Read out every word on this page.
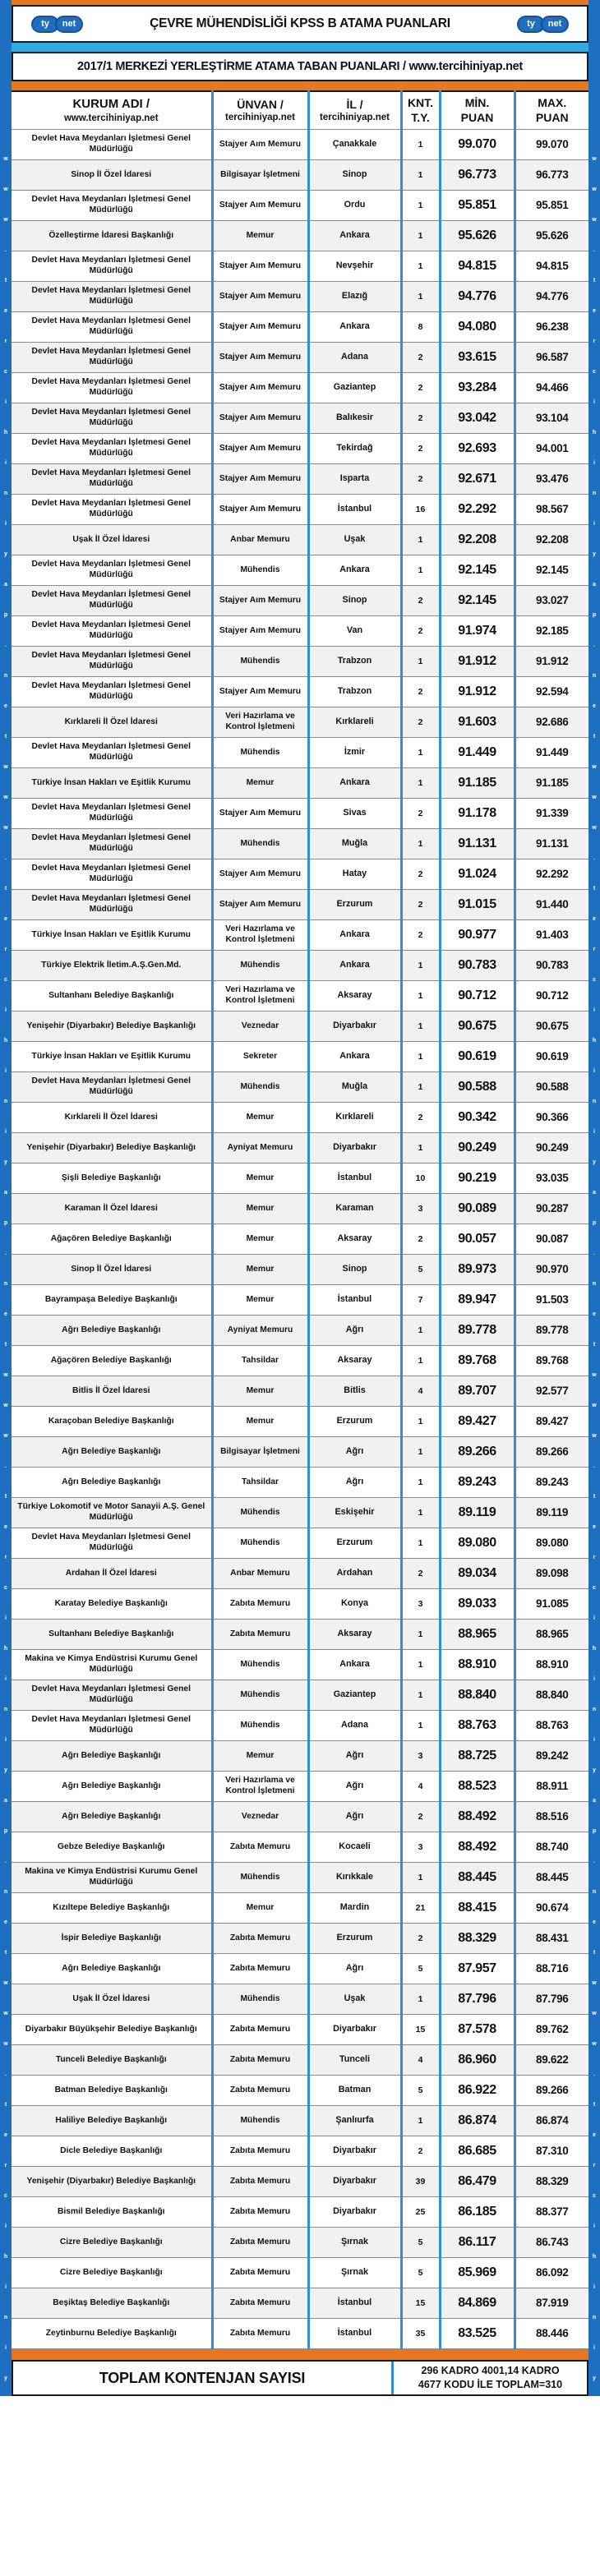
w
w
w
.
t
e
r
c
i
h
i
n
i
y
a
p
.
n
e
t
w
w
w
.
t
e
r
c
i
h
i
n
i
y
a
p
.
n
e
t
w
w
w
.
t
e
r
c
i
h
i
n
i
y
a
p
.
n
e
t
w
w
w
.
t
e
r
c
i
h
i
n
i
y
a
p
.
n
e
t
w
w
w
.
t
e
r
c
i
h
i
n
i
y
a
p
.
n
e
t
w
w
w
.
t
e
r
c
i
h
i
n
i
y
a
p
.
n
e
t
w
w
w
.
t
e
r
c
i
h
i
n
i
y
a
p
.
n
e
t
w
w
w
.
t
e
r
c
i
h
i
n
i
y
a
p
.
n
e
t
ty	net	ÇEVRE MÜHENDİSLİĞİ KPSS B ATAMA PUANLARI	ty	net
2017/1 MERKEZİ YERLEŞTİRME ATAMA TABAN PUANLARI / www.tercihiniyap.net
KURUM ADI /
www.tercihiniyap.net	ÜNVAN /
tercihiniyap.net	İL /
tercihiniyap.net	KNT.
T.Y.	MİN.
PUAN	MAX.
PUAN

Devlet Hava Meydanları İşletmesi Genel Müdürlüğü	Stajyer Aım Memuru	Çanakkale	1	99.070	99.070
Sinop İl Özel İdaresi	Bilgisayar İşletmeni	Sinop	1	96.773	96.773
Devlet Hava Meydanları İşletmesi Genel Müdürlüğü	Stajyer Aım Memuru	Ordu	1	95.851	95.851
Özelleştirme İdaresi Başkanlığı	Memur	Ankara	1	95.626	95.626
Devlet Hava Meydanları İşletmesi Genel Müdürlüğü	Stajyer Aım Memuru	Nevşehir	1	94.815	94.815
Devlet Hava Meydanları İşletmesi Genel Müdürlüğü	Stajyer Aım Memuru	Elazığ	1	94.776	94.776
Devlet Hava Meydanları İşletmesi Genel Müdürlüğü	Stajyer Aım Memuru	Ankara	8	94.080	96.238
Devlet Hava Meydanları İşletmesi Genel Müdürlüğü	Stajyer Aım Memuru	Adana	2	93.615	96.587
Devlet Hava Meydanları İşletmesi Genel Müdürlüğü	Stajyer Aım Memuru	Gaziantep	2	93.284	94.466
Devlet Hava Meydanları İşletmesi Genel Müdürlüğü	Stajyer Aım Memuru	Balıkesir	2	93.042	93.104
Devlet Hava Meydanları İşletmesi Genel Müdürlüğü	Stajyer Aım Memuru	Tekirdağ	2	92.693	94.001
Devlet Hava Meydanları İşletmesi Genel Müdürlüğü	Stajyer Aım Memuru	Isparta	2	92.671	93.476
Devlet Hava Meydanları İşletmesi Genel Müdürlüğü	Stajyer Aım Memuru	İstanbul	16	92.292	98.567
Uşak İl Özel İdaresi	Anbar Memuru	Uşak	1	92.208	92.208
Devlet Hava Meydanları İşletmesi Genel Müdürlüğü	Mühendis	Ankara	1	92.145	92.145
Devlet Hava Meydanları İşletmesi Genel Müdürlüğü	Stajyer Aım Memuru	Sinop	2	92.145	93.027
Devlet Hava Meydanları İşletmesi Genel Müdürlüğü	Stajyer Aım Memuru	Van	2	91.974	92.185
Devlet Hava Meydanları İşletmesi Genel Müdürlüğü	Mühendis	Trabzon	1	91.912	91.912
Devlet Hava Meydanları İşletmesi Genel Müdürlüğü	Stajyer Aım Memuru	Trabzon	2	91.912	92.594
Kırklareli İl Özel İdaresi	Veri Hazırlama ve Kontrol İşletmeni	Kırklareli	2	91.603	92.686
Devlet Hava Meydanları İşletmesi Genel Müdürlüğü	Mühendis	İzmir	1	91.449	91.449
Türkiye İnsan Hakları ve Eşitlik Kurumu	Memur	Ankara	1	91.185	91.185
Devlet Hava Meydanları İşletmesi Genel Müdürlüğü	Stajyer Aım Memuru	Sivas	2	91.178	91.339
Devlet Hava Meydanları İşletmesi Genel Müdürlüğü	Mühendis	Muğla	1	91.131	91.131
Devlet Hava Meydanları İşletmesi Genel Müdürlüğü	Stajyer Aım Memuru	Hatay	2	91.024	92.292
Devlet Hava Meydanları İşletmesi Genel Müdürlüğü	Stajyer Aım Memuru	Erzurum	2	91.015	91.440
Türkiye İnsan Hakları ve Eşitlik Kurumu	Veri Hazırlama ve Kontrol İşletmeni	Ankara	2	90.977	91.403
Türkiye Elektrik İletim.A.Ş.Gen.Md.	Mühendis	Ankara	1	90.783	90.783
Sultanhanı Belediye Başkanlığı	Veri Hazırlama ve Kontrol İşletmeni	Aksaray	1	90.712	90.712
Yenişehir (Diyarbakır) Belediye Başkanlığı	Veznedar	Diyarbakır	1	90.675	90.675
Türkiye İnsan Hakları ve Eşitlik Kurumu	Sekreter	Ankara	1	90.619	90.619
Devlet Hava Meydanları İşletmesi Genel Müdürlüğü	Mühendis	Muğla	1	90.588	90.588
Kırklareli İl Özel İdaresi	Memur	Kırklareli	2	90.342	90.366
Yenişehir (Diyarbakır) Belediye Başkanlığı	Ayniyat Memuru	Diyarbakır	1	90.249	90.249
Şişli Belediye Başkanlığı	Memur	İstanbul	10	90.219	93.035
Karaman İl Özel İdaresi	Memur	Karaman	3	90.089	90.287
Ağaçören Belediye Başkanlığı	Memur	Aksaray	2	90.057	90.087
Sinop İl Özel İdaresi	Memur	Sinop	5	89.973	90.970
Bayrampaşa Belediye Başkanlığı	Memur	İstanbul	7	89.947	91.503
Ağrı Belediye Başkanlığı	Ayniyat Memuru	Ağrı	1	89.778	89.778
Ağaçören Belediye Başkanlığı	Tahsildar	Aksaray	1	89.768	89.768
Bitlis İl Özel İdaresi	Memur	Bitlis	4	89.707	92.577
Karaçoban Belediye Başkanlığı	Memur	Erzurum	1	89.427	89.427
Ağrı Belediye Başkanlığı	Bilgisayar İşletmeni	Ağrı	1	89.266	89.266
Ağrı Belediye Başkanlığı	Tahsildar	Ağrı	1	89.243	89.243
Türkiye Lokomotif ve Motor Sanayii A.Ş. Genel Müdürlüğü	Mühendis	Eskişehir	1	89.119	89.119
Devlet Hava Meydanları İşletmesi Genel Müdürlüğü	Mühendis	Erzurum	1	89.080	89.080
Ardahan İl Özel İdaresi	Anbar Memuru	Ardahan	2	89.034	89.098
Karatay Belediye Başkanlığı	Zabıta Memuru	Konya	3	89.033	91.085
Sultanhanı Belediye Başkanlığı	Zabıta Memuru	Aksaray	1	88.965	88.965
Makina ve Kimya Endüstrisi Kurumu Genel Müdürlüğü	Mühendis	Ankara	1	88.910	88.910
Devlet Hava Meydanları İşletmesi Genel Müdürlüğü	Mühendis	Gaziantep	1	88.840	88.840
Devlet Hava Meydanları İşletmesi Genel Müdürlüğü	Mühendis	Adana	1	88.763	88.763
Ağrı Belediye Başkanlığı	Memur	Ağrı	3	88.725	89.242
Ağrı Belediye Başkanlığı	Veri Hazırlama ve Kontrol İşletmeni	Ağrı	4	88.523	88.911
Ağrı Belediye Başkanlığı	Veznedar	Ağrı	2	88.492	88.516
Gebze Belediye Başkanlığı	Zabıta Memuru	Kocaeli	3	88.492	88.740
Makina ve Kimya Endüstrisi Kurumu Genel Müdürlüğü	Mühendis	Kırıkkale	1	88.445	88.445
Kızıltepe Belediye Başkanlığı	Memur	Mardin	21	88.415	90.674
İspir Belediye Başkanlığı	Zabıta Memuru	Erzurum	2	88.329	88.431
Ağrı Belediye Başkanlığı	Zabıta Memuru	Ağrı	5	87.957	88.716
Uşak İl Özel İdaresi	Mühendis	Uşak	1	87.796	87.796
Diyarbakır Büyükşehir Belediye Başkanlığı	Zabıta Memuru	Diyarbakır	15	87.578	89.762
Tunceli Belediye Başkanlığı	Zabıta Memuru	Tunceli	4	86.960	89.622
Batman Belediye Başkanlığı	Zabıta Memuru	Batman	5	86.922	89.266
Haliliye Belediye Başkanlığı	Mühendis	Şanlıurfa	1	86.874	86.874
Dicle Belediye Başkanlığı	Zabıta Memuru	Diyarbakır	2	86.685	87.310
Yenişehir (Diyarbakır) Belediye Başkanlığı	Zabıta Memuru	Diyarbakır	39	86.479	88.329
Bismil Belediye Başkanlığı	Zabıta Memuru	Diyarbakır	25	86.185	88.377
Cizre Belediye Başkanlığı	Zabıta Memuru	Şırnak	5	86.117	86.743
Cizre Belediye Başkanlığı	Zabıta Memuru	Şırnak	5	85.969	86.092
Beşiktaş Belediye Başkanlığı	Zabıta Memuru	İstanbul	15	84.869	87.919
Zeytinburnu Belediye Başkanlığı	Zabıta Memuru	İstanbul	35	83.525	88.446
TOPLAM KONTENJAN SAYISI	296 KADRO 4001,14 KADRO
4677 KODU İLE TOPLAM=310
